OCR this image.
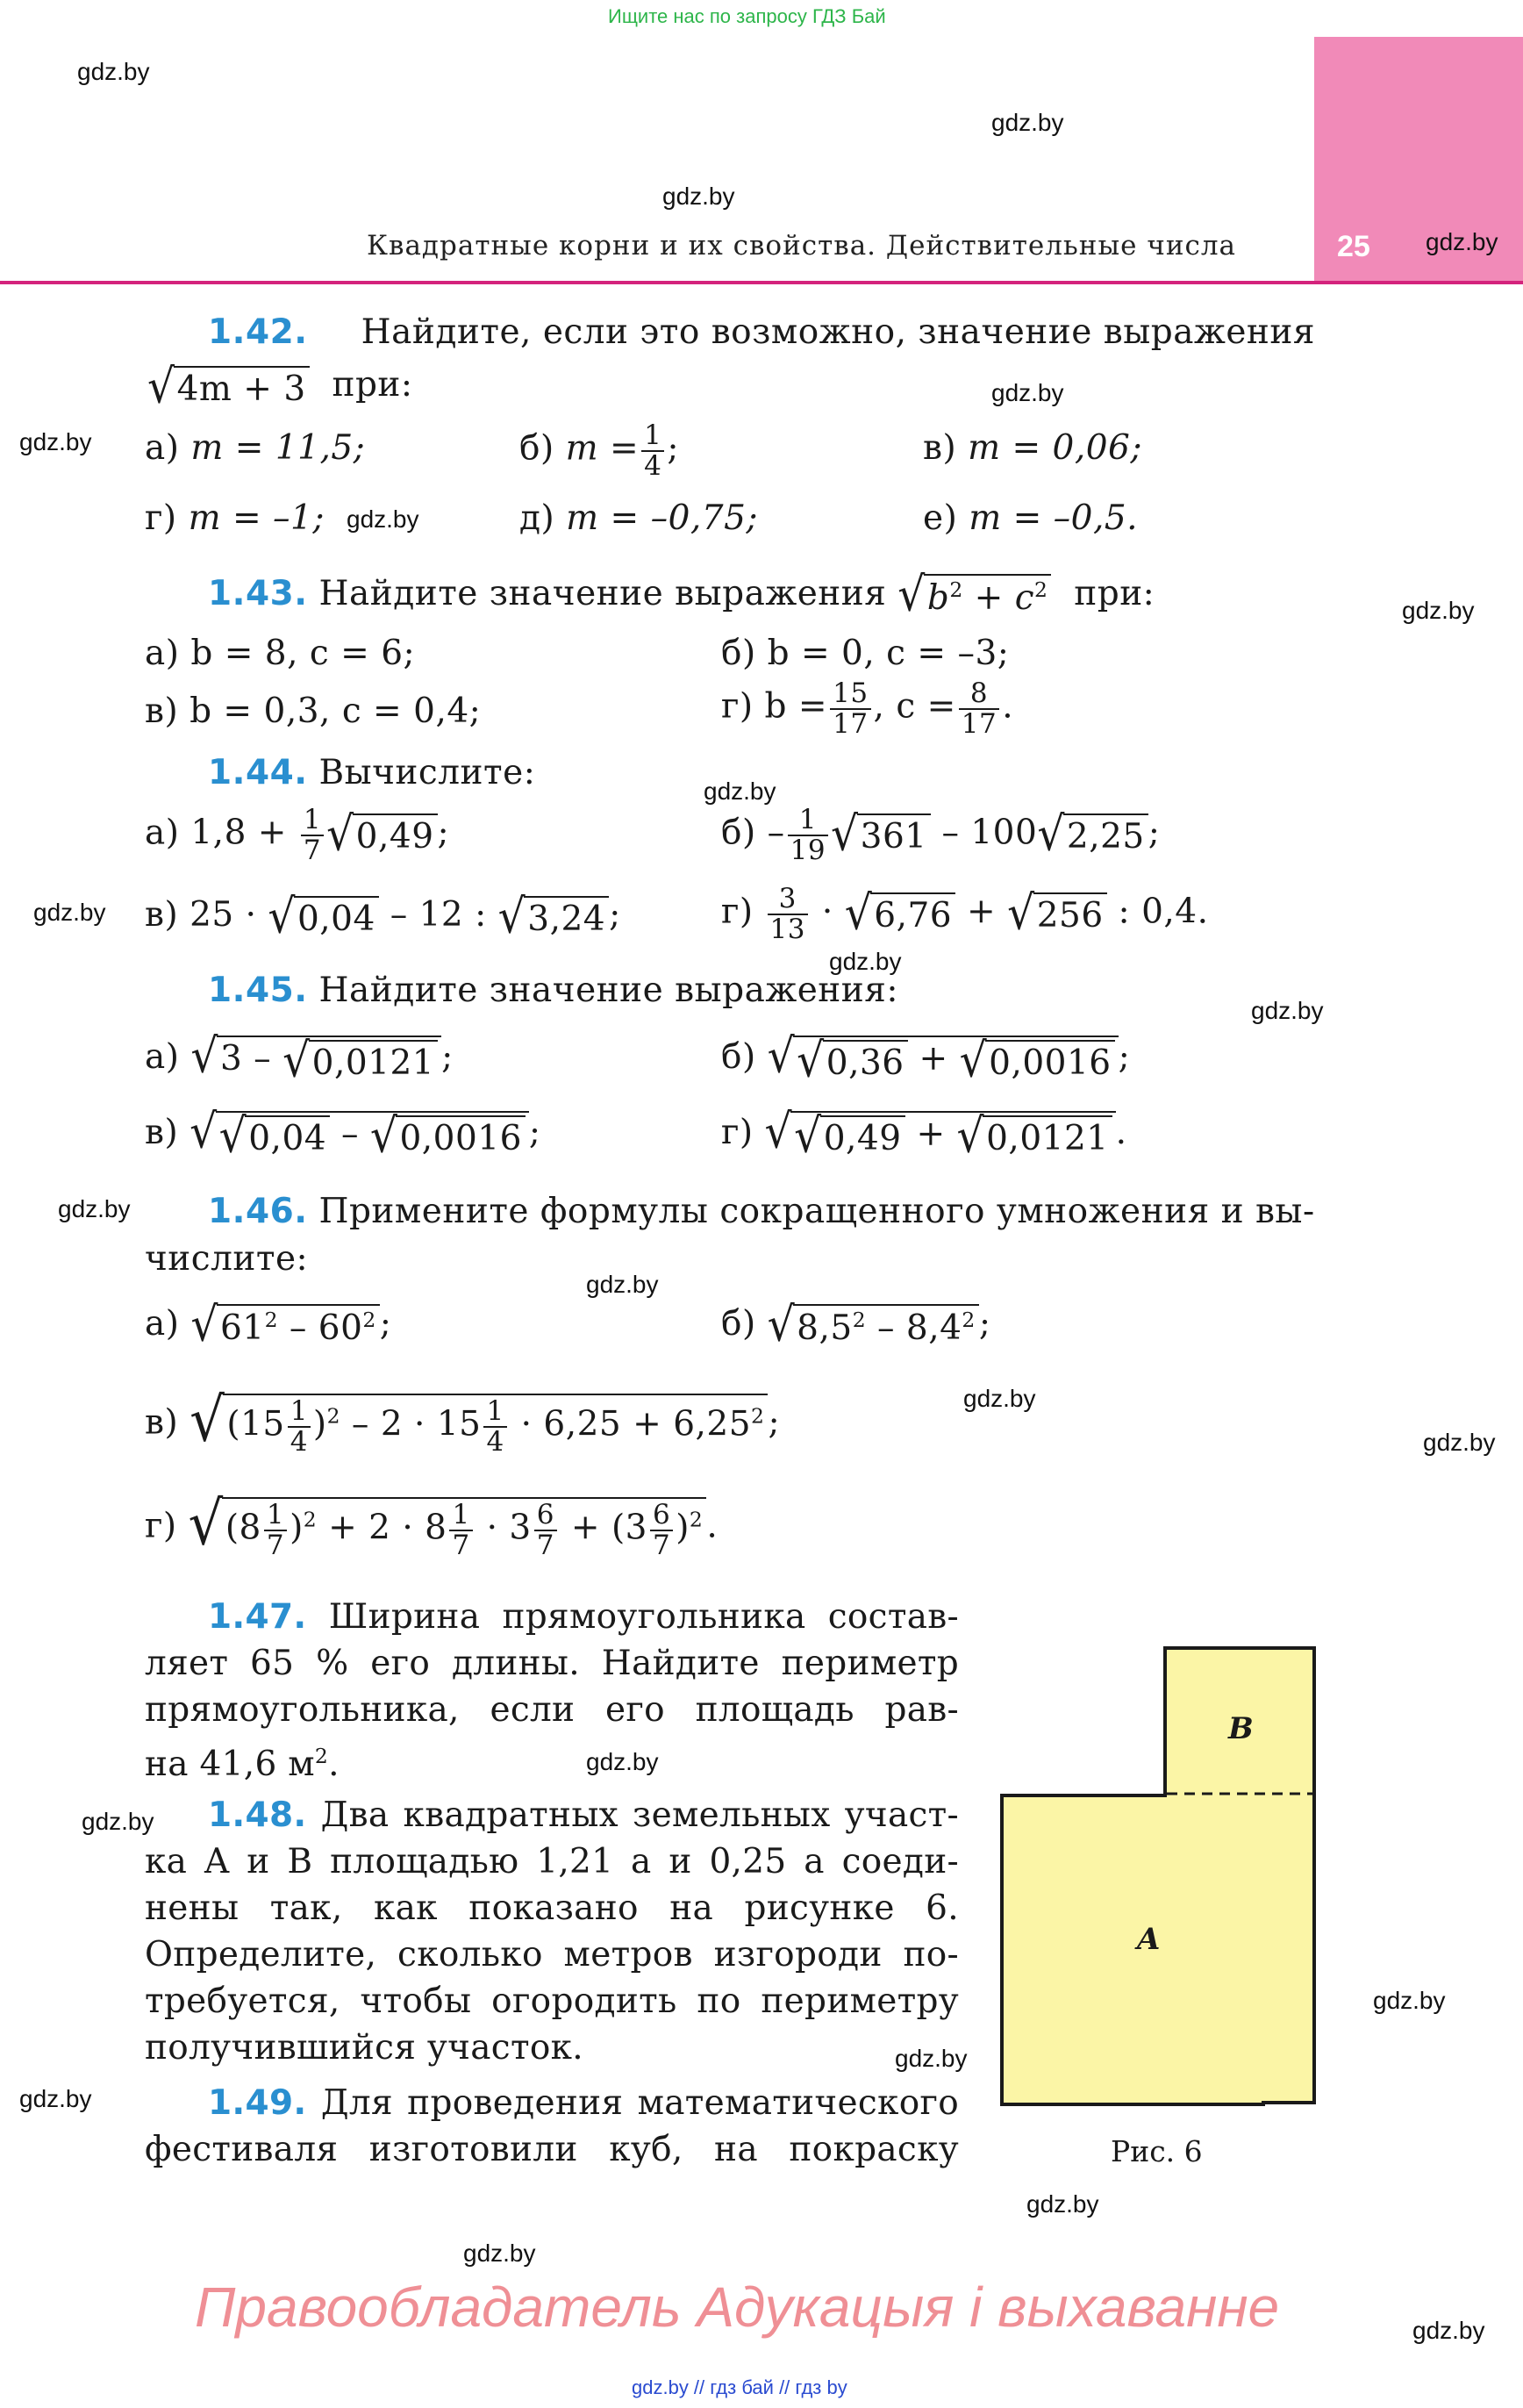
Ищите нас по запросу ГДЗ Бай
25
Квадратные корни и их свойства. Действительные числа
gdz.by
gdz.by
gdz.by
gdz.by
gdz.by
gdz.by
gdz.by
gdz.by
gdz.by
gdz.by
gdz.by
gdz.by
gdz.by
gdz.by
gdz.by
gdz.by
gdz.by
gdz.by
gdz.by
gdz.by
gdz.by
gdz.by
gdz.by
gdz.by
1.42. Найдите, если это возможно, значение выражения
√ 4m + 3 при:
а) m = 11,5;	б) $m = \frac{1}{4}$ ;	в) m = 0,06;
г) m = –1;	д) m = –0,75;	е) m = –0,5.
1.43. Найдите значение выражения √ $b^2 + c^2$ при:
а) b = 8, c = 6;	б) b = 0, c = –3;
в) b = 0,3, c = 0,4;	г) $b = \frac{15}{17}$ , $c = \frac{8}{17}$ .
1.44. Вычислите:
а) $1,8 + \frac{1}{7}$ √ 0,49 ;	$б) - \frac{1}{19}$ √ 361 – 100 √ 2,25 ;
в) 25 · √ 0,04 – 12 : √ 3,24 ;	$г) \frac{3}{13}$ · √ 6,76 + √ 256 : 0,4.
1.45. Найдите значение выражения:
а) √ 3 – √ 0,0121 ;	б) √ √ 0,36 + √ 0,0016 ;
в) √ √ 0,04 – √ 0,0016 ;	г) √ √ 0,49 + √ 0,0121 .
1.46. Примените формулы сокращенного умножения и вы-
числите:
а) √ $61^2 - 60^2$ ;	б) √ $8,5^2 - 8,4^2$ ;
в) √ $(15 \frac{1}{4} )^2 - 2 \cdot 15 \frac{1}{4} \cdot 6,25 + 6,25^2$ ;
г) √ $(8 \frac{1}{7} )^2 + 2 \cdot 8 \frac{1}{7} \cdot 3 \frac{6}{7} + (3 \frac{6}{7} )^2$ .
1.47. Ширина прямоугольника состав-
ляет 65 % его длины. Найдите периметр
прямоугольника, если его площадь рав-
на 41,6 $м^2$.
1.48. Два квадратных земельных участ-
ка A и B площадью 1,21 а и 0,25 а соеди-
нены так, как показано на рисунке 6.
Определите, сколько метров изгороди по-
требуется, чтобы огородить по периметру
получившийся участок.
1.49. Для проведения математического
фестиваля изготовили куб, на покраску
B
A
Рис. 6
Правообладатель Адукацыя і выхаванне
gdz.by // гдз бай // гдз by
